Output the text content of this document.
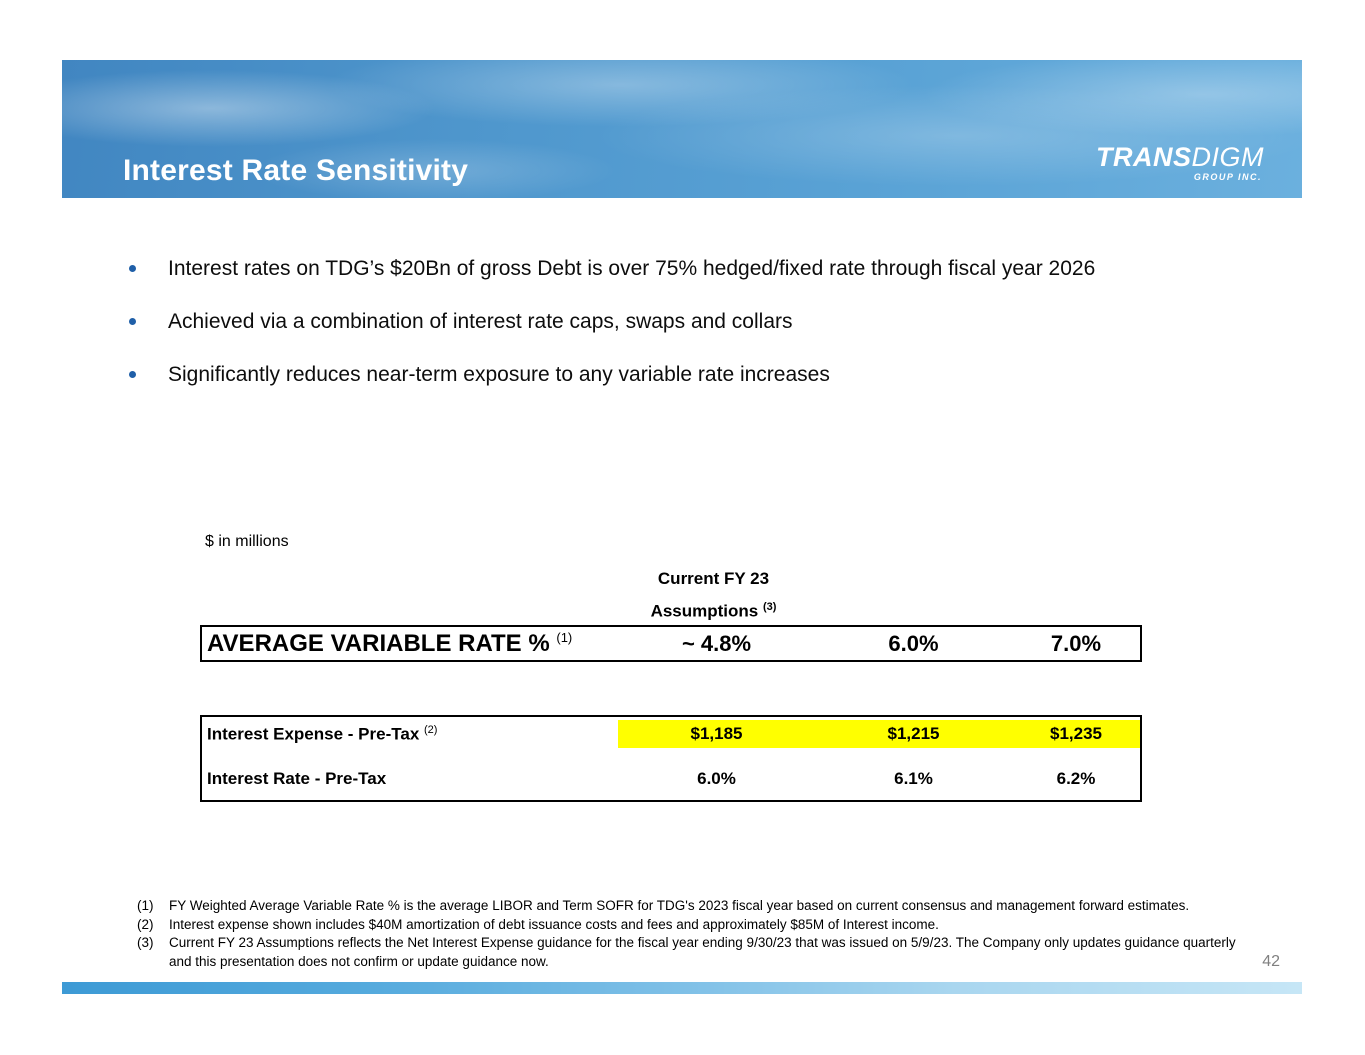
Interest Rate Sensitivity	TRANSDIGM
GROUP INC.
Interest rates on TDG’s $20Bn of gross Debt is over 75% hedged/fixed rate through fiscal year 2026
Achieved via a combination of interest rate caps, swaps and collars
Significantly reduces near-term exposure to any variable rate increases
$ in millions
Current FY 23
Assumptions $^{(3)}$
AVERAGE VARIABLE RATE % $^{(1)}$	~ 4.8%	6.0%	7.0%
Interest Expense - Pre-Tax $^{(2)}$	$1,185	$1,215	$1,235
Interest Rate - Pre-Tax	6.0%	6.1%	6.2%
(1)	FY Weighted Average Variable Rate % is the average LIBOR and Term SOFR for TDG's 2023 fiscal year based on current consensus and management forward estimates.
(2)	Interest expense shown includes $40M amortization of debt issuance costs and fees and approximately $85M of Interest income.
(3)	Current FY 23 Assumptions reflects the Net Interest Expense guidance for the fiscal year ending 9/30/23 that was issued on 5/9/23. The Company only updates guidance quarterly and this presentation does not confirm or update guidance now.	42
